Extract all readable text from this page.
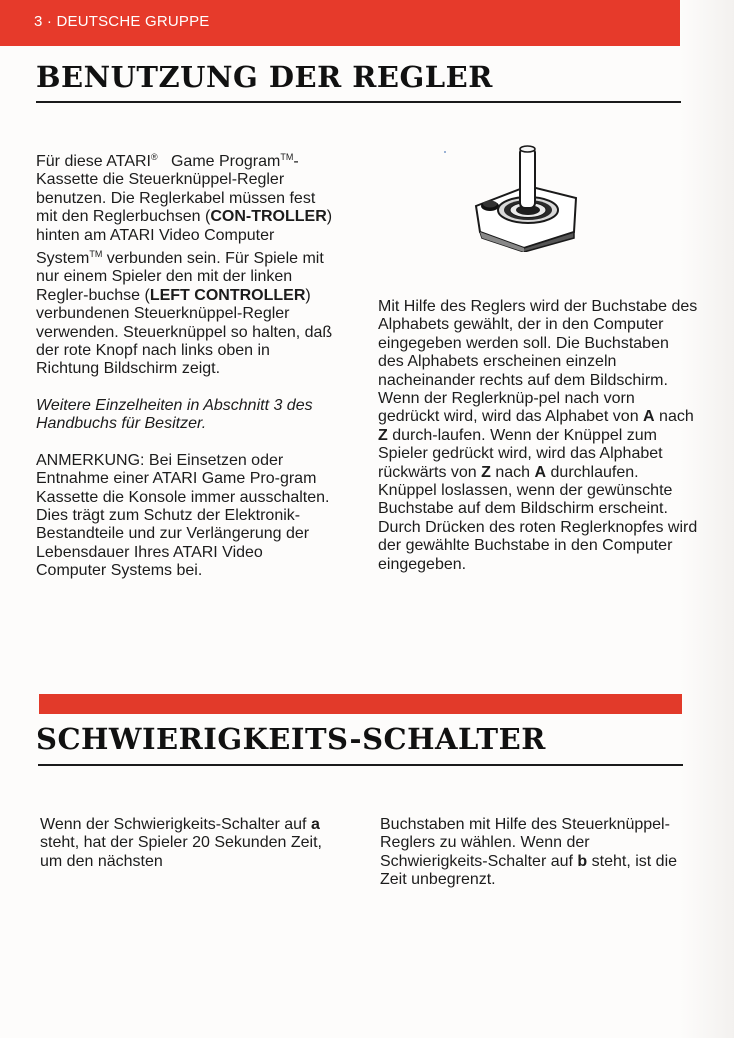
3 · DEUTSCHE GRUPPE
BENUTZUNG DER REGLER

Für diese ATARI®   Game Program™-Kassette die Steuerknüppel-Regler benutzen. Die Reglerkabel müssen fest mit den Reglerbuchsen (CON-TROLLER) hinten am ATARI Video Computer System™ verbunden sein. Für Spiele mit nur einem Spieler den mit der linken Regler-buchse (LEFT CONTROLLER) verbundenen Steuerknüppel-Regler verwenden. Steuerknüppel so halten, daß der rote Knopf nach links oben in Richtung Bildschirm zeigt.

Weitere Einzelheiten in Abschnitt 3 des Handbuchs für Besitzer.

ANMERKUNG: Bei Einsetzen oder Entnahme einer ATARI Game Pro-gram Kassette die Konsole immer ausschalten. Dies trägt zum Schutz der Elektronik-Bestandteile und zur Verlängerung der Lebensdauer Ihres ATARI Video Computer Systems bei.

Mit Hilfe des Reglers wird der Buchstabe des Alphabets gewählt, der in den Computer eingegeben werden soll. Die Buchstaben des Alphabets erscheinen einzeln nacheinander rechts auf dem Bildschirm. Wenn der Reglerknüp-pel nach vorn gedrückt wird, wird das Alphabet von A nach Z durch-laufen. Wenn der Knüppel zum Spieler gedrückt wird, wird das Alphabet rückwärts von Z nach A durchlaufen. Knüppel loslassen, wenn der gewünschte Buchstabe auf dem Bildschirm erscheint. Durch Drücken des roten Reglerknopfes wird der gewählte Buchstabe in den Computer eingegeben.

SCHWIERIGKEITS-SCHALTER

Wenn der Schwierigkeits-Schalter auf a steht, hat der Spieler 20 Sekunden Zeit, um den nächsten

Buchstaben mit Hilfe des Steuerknüppel-Reglers zu wählen. Wenn der Schwierigkeits-Schalter auf b steht, ist die Zeit unbegrenzt.
